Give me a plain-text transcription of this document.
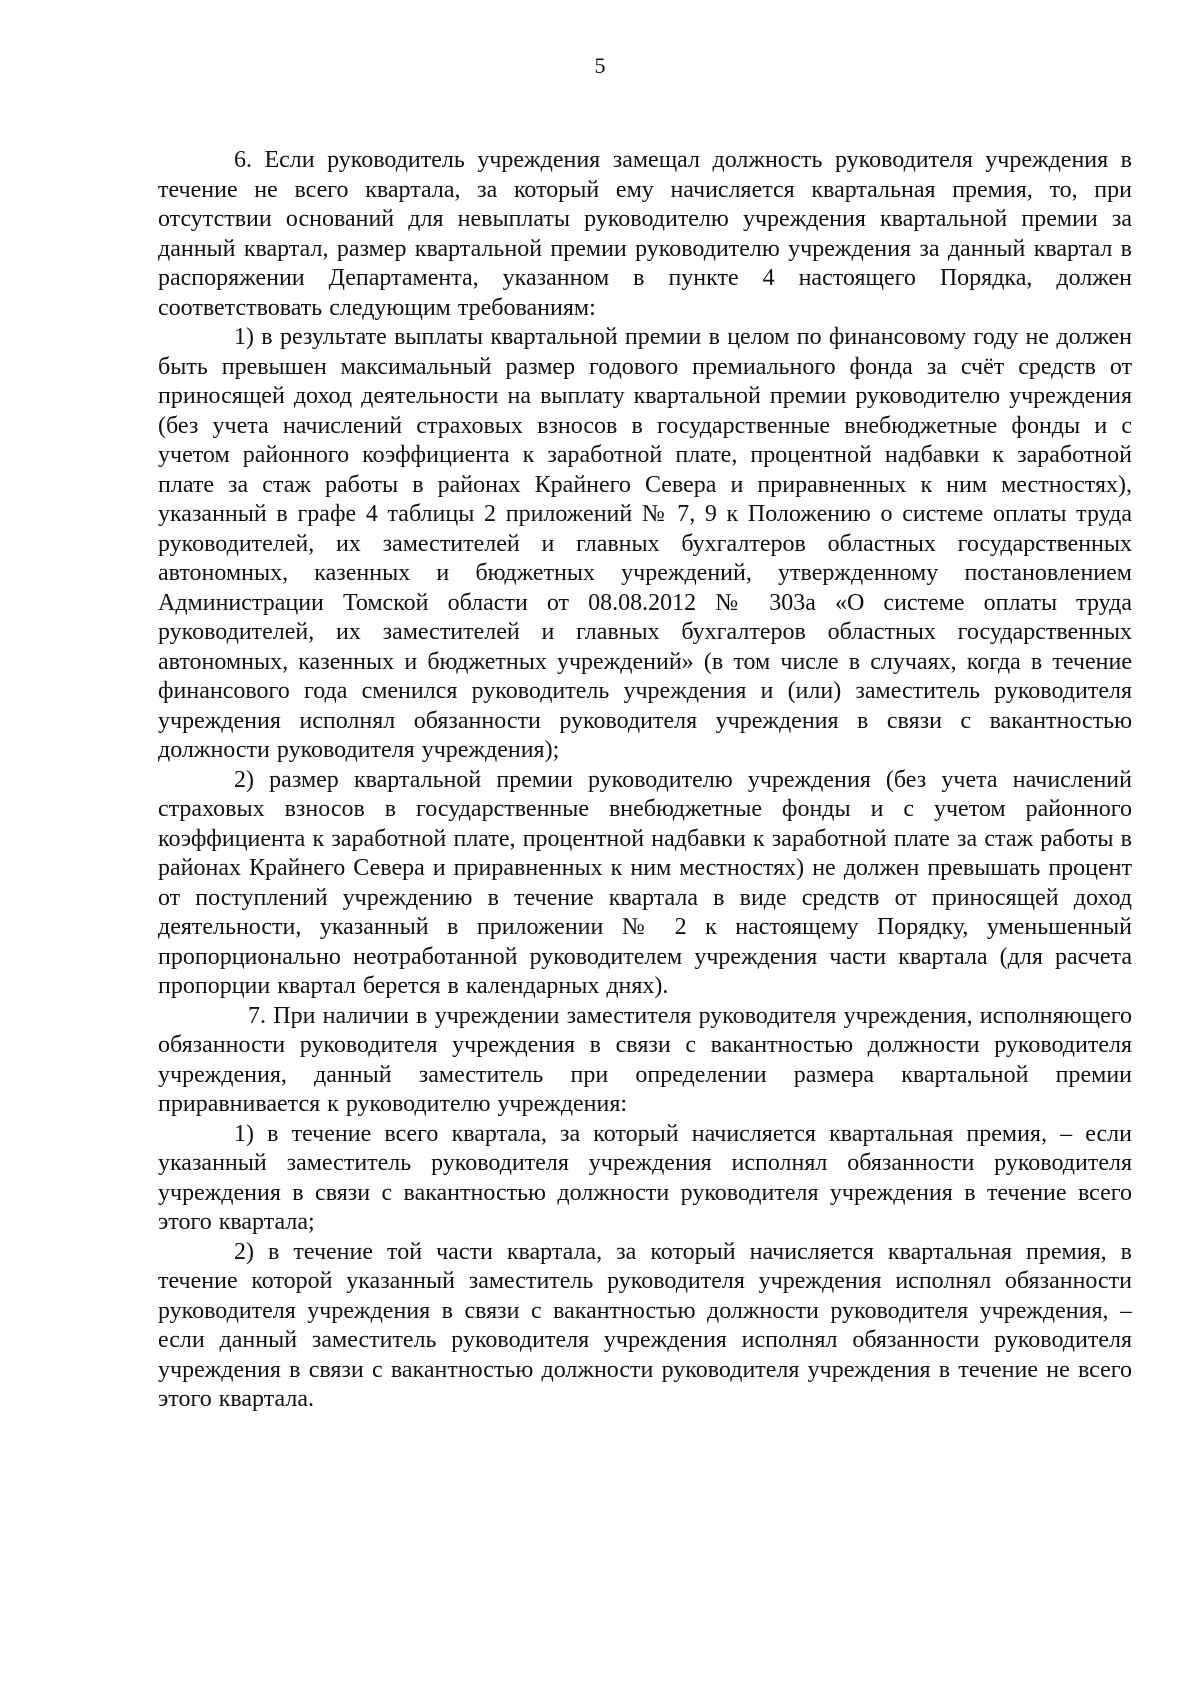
5

6. Если руководитель учреждения замещал должность руководителя учреждения в течение не всего квартала, за который ему начисляется квартальная премия, то, при отсутствии оснований для невыплаты руководителю учреждения квартальной премии за данный квартал, размер квартальной премии руководителю учреждения за данный квартал в распоряжении Департамента, указанном в пункте 4 настоящего Порядка, должен соответствовать следующим требованиям:

1) в результате выплаты квартальной премии в целом по финансовому году не должен быть превышен максимальный размер годового премиального фонда за счёт средств от приносящей доход деятельности на выплату квартальной премии руководителю учреждения (без учета начислений страховых взносов в государственные внебюджетные фонды и с учетом районного коэффициента к заработной плате, процентной надбавки к заработной плате за стаж работы в районах Крайнего Севера и приравненных к ним местностях), указанный в графе 4 таблицы 2 приложений № 7, 9 к Положению о системе оплаты труда руководителей, их заместителей и главных бухгалтеров областных государственных автономных, казенных и бюджетных учреждений, утвержденному постановлением Администрации Томской области от 08.08.2012 № 303а «О системе оплаты труда руководителей, их заместителей и главных бухгалтеров областных государственных автономных, казенных и бюджетных учреждений» (в том числе в случаях, когда в течение финансового года сменился руководитель учреждения и (или) заместитель руководителя учреждения исполнял обязанности руководителя учреждения в связи с вакантностью должности руководителя учреждения);

2) размер квартальной премии руководителю учреждения (без учета начислений страховых взносов в государственные внебюджетные фонды и с учетом районного коэффициента к заработной плате, процентной надбавки к заработной плате за стаж работы в районах Крайнего Севера и приравненных к ним местностях) не должен превышать процент от поступлений учреждению в течение квартала в виде средств от приносящей доход деятельности, указанный в приложении № 2 к настоящему Порядку, уменьшенный пропорционально неотработанной руководителем учреждения части квартала (для расчета пропорции квартал берется в календарных днях).

7. При наличии в учреждении заместителя руководителя учреждения, исполняющего обязанности руководителя учреждения в связи с вакантностью должности руководителя учреждения, данный заместитель при определении размера квартальной премии приравнивается к руководителю учреждения:

1) в течение всего квартала, за который начисляется квартальная премия, – если указанный заместитель руководителя учреждения исполнял обязанности руководителя учреждения в связи с вакантностью должности руководителя учреждения в течение всего этого квартала;

2) в течение той части квартала, за который начисляется квартальная премия, в течение которой указанный заместитель руководителя учреждения исполнял обязанности руководителя учреждения в связи с вакантностью должности руководителя учреждения, – если данный заместитель руководителя учреждения исполнял обязанности руководителя учреждения в связи с вакантностью должности руководителя учреждения в течение не всего этого квартала.
